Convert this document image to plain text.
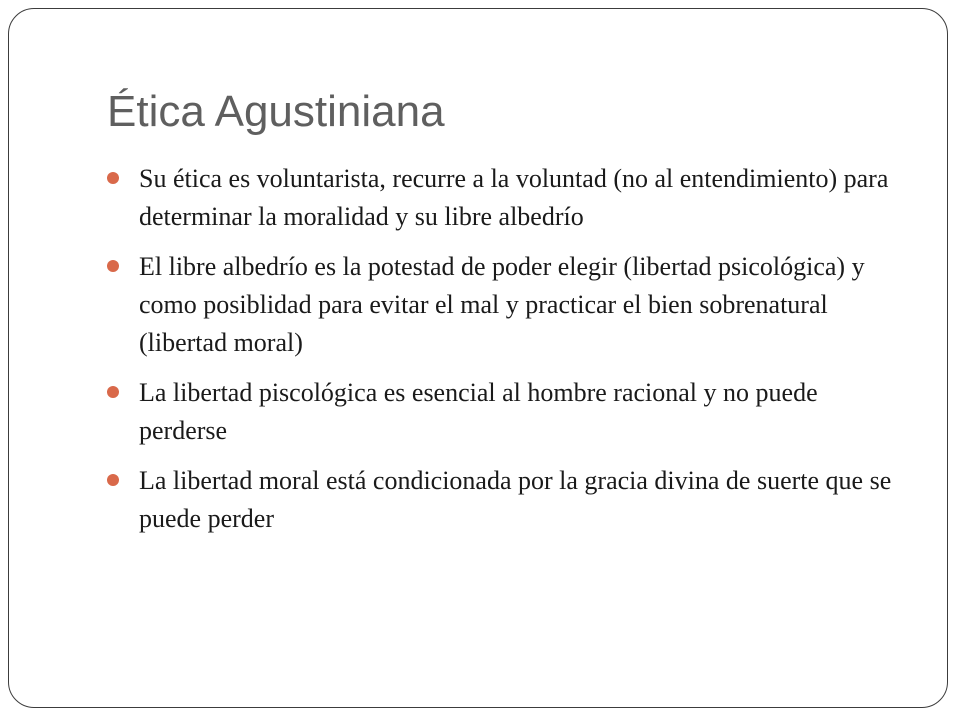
Ética Agustiniana
Su ética es voluntarista, recurre a la voluntad (no al entendimiento) para determinar la moralidad y su libre albedrío
El libre albedrío es la potestad de poder elegir (libertad psicológica) y como posiblidad para evitar el mal y practicar el bien sobrenatural (libertad moral)
La libertad piscológica es esencial al hombre racional y no puede perderse
La libertad moral está condicionada por la gracia divina de suerte que se puede perder
